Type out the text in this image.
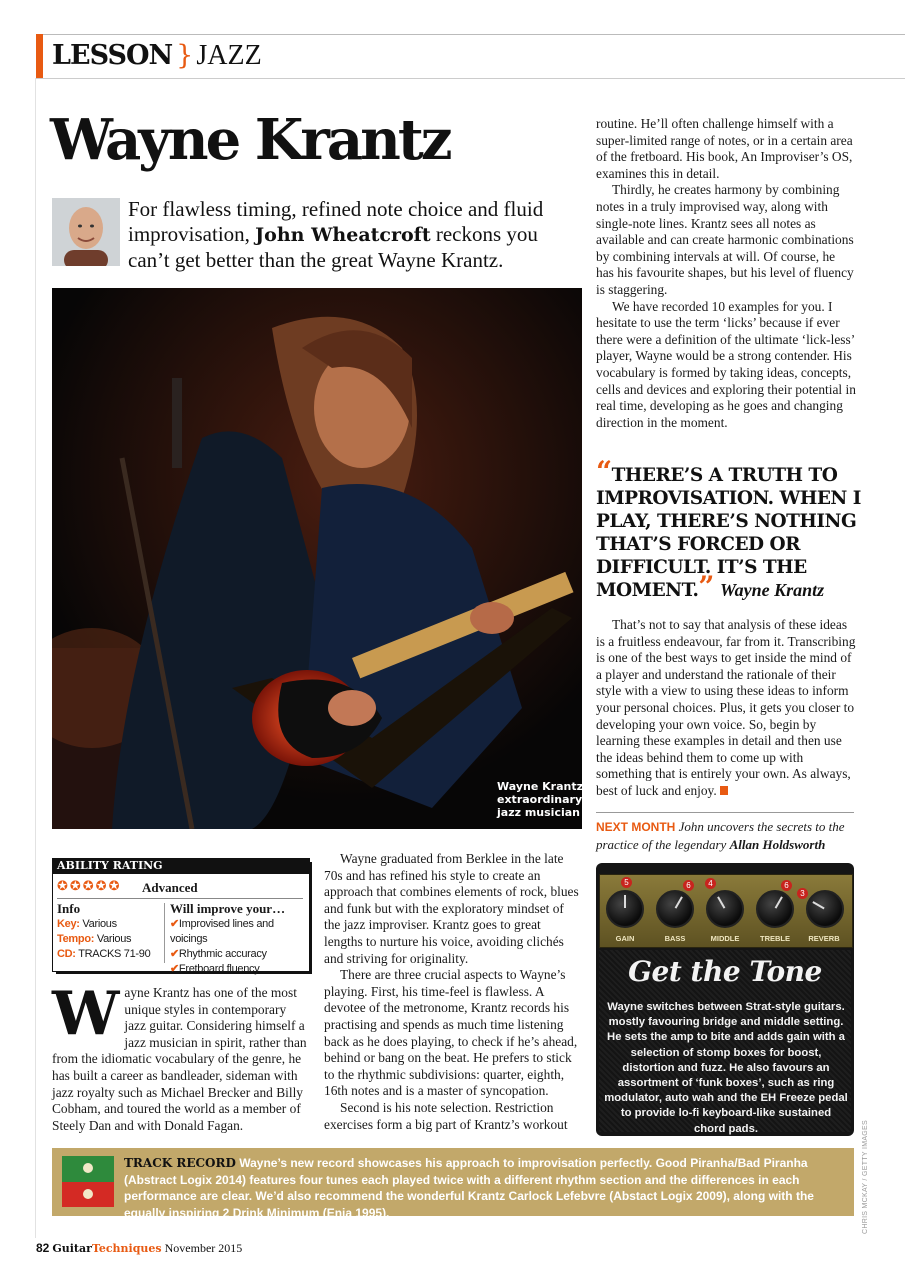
LESSON } JAZZ
Wayne Krantz
For flawless timing, refined note choice and fluid improvisation, John Wheatcroft reckons you can’t get better than the great Wayne Krantz.
Wayne Krantz:
extraordinary
jazz musician
ABILITY RATING
✪✪✪✪✪ Advanced
Info
Key: Various
Tempo: Various
CD: TRACKS 71-90
Will improve your…
✔Improvised lines and voicings
✔Rhythmic accuracy
✔Fretboard fluency

Wayne Krantz has one of the most unique styles in contemporary jazz guitar. Considering himself a jazz musician in spirit, rather than from the idiomatic vocabulary of the genre, he has built a career as bandleader, sideman with jazz royalty such as Michael Brecker and Billy Cobham, and toured the world as a member of Steely Dan and with Donald Fagan.

Wayne graduated from Berklee in the late 70s and has refined his style to create an approach that combines elements of rock, blues and funk but with the exploratory mindset of the jazz improviser. Krantz goes to great lengths to nurture his voice, avoiding clichés and striving for originality.

There are three crucial aspects to Wayne’s playing. First, his time-feel is flawless. A devotee of the metronome, Krantz records his practising and spends as much time listening back as he does playing, to check if he’s ahead, behind or bang on the beat. He prefers to stick to the rhythmic subdivisions: quarter, eighth, 16th notes and is a master of syncopation.

Second is his note selection. Restriction exercises form a big part of Krantz’s workout

routine. He’ll often challenge himself with a super-limited range of notes, or in a certain area of the fretboard. His book, An Improviser’s OS, examines this in detail.

Thirdly, he creates harmony by combining notes in a truly improvised way, along with single-note lines. Krantz sees all notes as available and can create harmonic combinations by combining intervals at will. Of course, he has his favourite shapes, but his level of fluency is staggering.

We have recorded 10 examples for you. I hesitate to use the term ‘licks’ because if ever there were a definition of the ultimate ‘lick-less’ player, Wayne would be a strong contender. His vocabulary is formed by taking ideas, concepts, cells and devices and exploring their potential in real time, developing as he goes and changing direction in the moment.

“THERE’S A TRUTH TO IMPROVISATION. WHEN I PLAY, THERE’S NOTHING THAT’S FORCED OR DIFFICULT. IT’S THE MOMENT.” Wayne Krantz

That’s not to say that analysis of these ideas is a fruitless endeavour, far from it. Transcribing is one of the best ways to get inside the mind of a player and understand the rationale of their style with a view to using these ideas to inform your personal choices. Plus, it gets you closer to developing your own voice. So, begin by learning these examples in detail and then use the ideas behind them to come up with something that is entirely your own. As always, best of luck and enjoy.

NEXT MONTH John uncovers the secrets to the practice of the legendary Allan Holdsworth
5	6	4	6
3
GAIN	BASS	MIDDLE	TREBLE	REVERB
Get the Tone
Wayne switches between Strat-style guitars. mostly favouring bridge and middle setting. He sets the amp to bite and adds gain with a selection of stomp boxes for boost, distortion and fuzz. He also favours an assortment of ‘funk boxes’, such as ring modulator, auto wah and the EH Freeze pedal to provide lo-fi keyboard-like sustained chord pads.
TRACK RECORD Wayne’s new record showcases his approach to improvisation perfectly. Good Piranha/Bad Piranha (Abstract Logix 2014) features four tunes each played twice with a different rhythm section and the differences in each performance are clear. We’d also recommend the wonderful Krantz Carlock Lefebvre (Abstact Logix 2009), along with the equally inspiring 2 Drink Minimum (Enja 1995).	CHRIS MCKAY / GETTY IMAGES
82 GuitarTechniques November 2015
